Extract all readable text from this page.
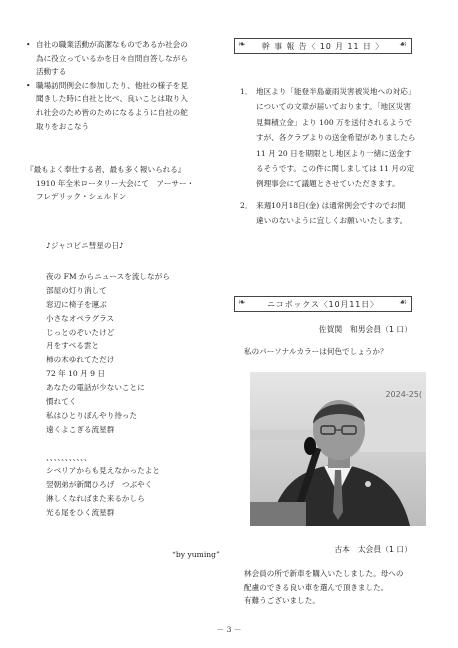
• 自社の職業活動が高潔なものであるか社会の
為に役立っているかを日々自問自答しながら
活動する
• 職場訪問例会に参加したり、他社の様子を見
聞きした時に自社と比べ、良いことは取り入
れ社会のため皆のためになるように自社の舵
取りをおこなう
『最もよく奉仕する者、最も多く報いられる』
1910 年全米ロータリー大会にて　アーサー・
フレデリック・シェルドン
♪ジャコビニ彗星の日♪
夜の FM からニュースを流しながら
部屋の灯り消して
窓辺に椅子を運ぶ
小さなオペラグラス
じっとのぞいたけど
月をすべる雲と
柿の木ゆれてただけ
72 年 10 月 9 日
あなたの電話が少ないことに
慣れてく
私はひとりぼんやり待った
遠くよこぎる流星群
、、、、、、、、、、、
シベリアからも見えなかったよと
翌朝弟が新聞ひろげ　つぶやく
淋しくなればまた来るかしら
光る尾をひく流星群
“by yuming”
❧ 幹 事 報 告〈 10 月 11 日 〉 ☙
1． 地区より「能登半島豪雨災害被災地への対応」
についての文章が届いております。「地区災害
見舞積立金」より 100 万を送付されるようで
すが、各クラブよりの送金希望がありましたら
11 月 20 日を期限とし地区より一緒に送金す
るそうです。この件に関しましては 11 月の定
例理事会にて議題とさせていただきます。
2． 来週10月18日(金) は通常例会ですのでお間
違いのないように宜しくお願いいたします。
❧	ニコボックス〈10月11日〉 ☙
佐賀関　和男会員（1 口）
私のパーソナルカラーは何色でしょうか？
2024-25(
古本　太会員（1 口）
林会員の所で新車を購入いたしました。母への
配慮のできる良い車を選んで頂きました。
有難うございました。
－ 3 －
